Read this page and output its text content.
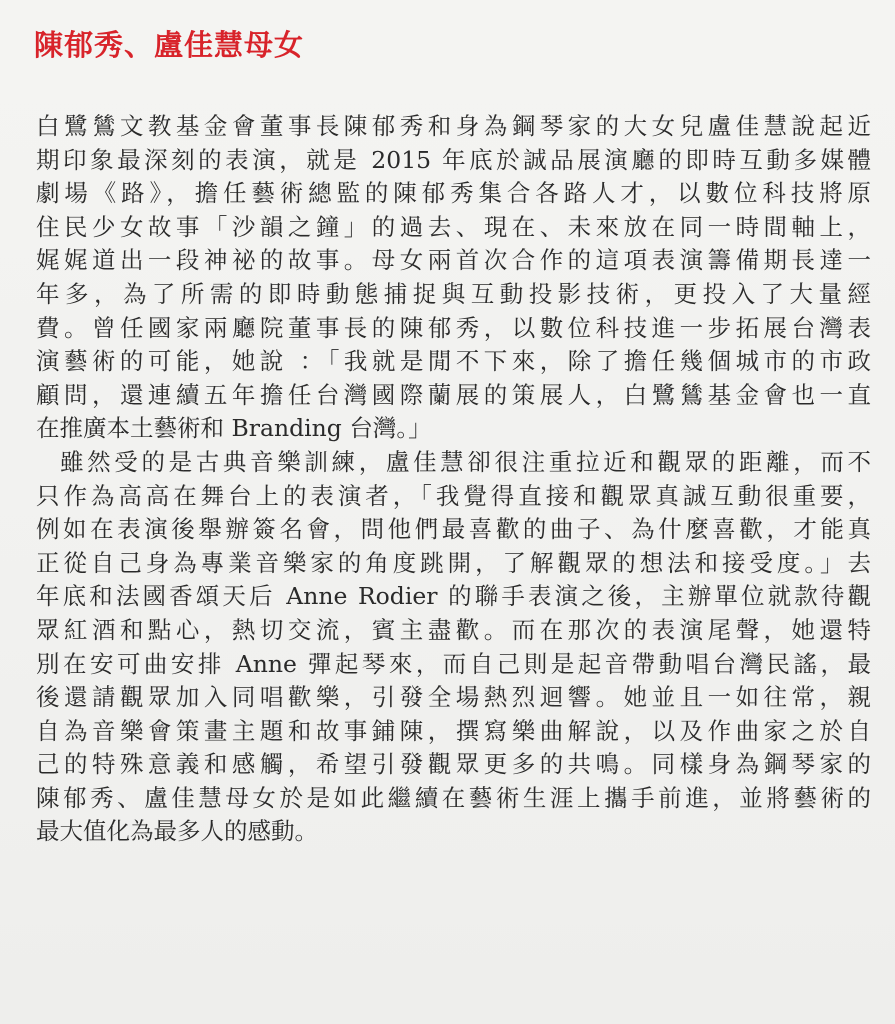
陳郁秀、盧佳慧母女
白鷺鷥文教基金會董事長陳郁秀和身為鋼琴家的大女兒盧佳慧說起近
期印象最深刻的表演，就是 2015 年底於誠品展演廳的即時互動多媒體
劇場《路》，擔任藝術總監的陳郁秀集合各路人才，以數位科技將原
住民少女故事「沙韻之鐘」的過去、現在、未來放在同一時間軸上，
娓娓道出一段神祕的故事。母女兩首次合作的這項表演籌備期長達一
年多，為了所需的即時動態捕捉與互動投影技術，更投入了大量經
費。曾任國家兩廳院董事長的陳郁秀，以數位科技進一步拓展台灣表
演藝術的可能，她說 ：「我就是閒不下來，除了擔任幾個城市的市政
顧問，還連續五年擔任台灣國際蘭展的策展人，白鷺鷥基金會也一直
在推廣本土藝術和 Branding 台灣。」
雖然受的是古典音樂訓練，盧佳慧卻很注重拉近和觀眾的距離，而不
只作為高高在舞台上的表演者，「我覺得直接和觀眾真誠互動很重要，
例如在表演後舉辦簽名會，問他們最喜歡的曲子、為什麼喜歡，才能真
正從自己身為專業音樂家的角度跳開，了解觀眾的想法和接受度。」去
年底和法國香頌天后 Anne Rodier 的聯手表演之後，主辦單位就款待觀
眾紅酒和點心，熱切交流，賓主盡歡。而在那次的表演尾聲，她還特
別在安可曲安排 Anne 彈起琴來，而自己則是起音帶動唱台灣民謠，最
後還請觀眾加入同唱歡樂，引發全場熱烈迴響。她並且一如往常，親
自為音樂會策畫主題和故事鋪陳，撰寫樂曲解說，以及作曲家之於自
己的特殊意義和感觸，希望引發觀眾更多的共鳴。同樣身為鋼琴家的
陳郁秀、盧佳慧母女於是如此繼續在藝術生涯上攜手前進，並將藝術的
最大值化為最多人的感動。
